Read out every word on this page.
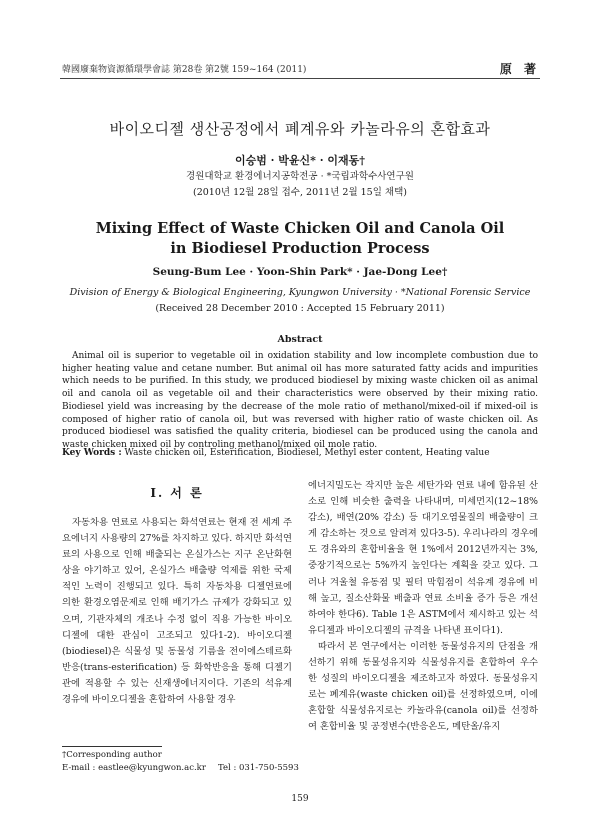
韓國廢棄物資源循環學會誌 第28卷 第2號 159~164 (2011)	原 著
바이오디젤 생산공정에서 폐계유와 카놀라유의 혼합효과
이승범 · 박윤신* · 이재동†
경원대학교 환경에너지공학전공 · *국립과학수사연구원
(2010년 12월 28일 접수, 2011년 2월 15일 채택)
Mixing Effect of Waste Chicken Oil and Canola Oil
in Biodiesel Production Process
Seung-Bum Lee · Yoon-Shin Park* · Jae-Dong Lee†
Division of Energy & Biological Engineering, Kyungwon University · *National Forensic Service
(Received 28 December 2010 : Accepted 15 February 2011)
Abstract
Animal oil is superior to vegetable oil in oxidation stability and low incomplete combustion due to higher heating value and cetane number. But animal oil has more saturated fatty acids and impurities which needs to be purified. In this study, we produced biodiesel by mixing waste chicken oil as animal oil and canola oil as vegetable oil and their characteristics were observed by their mixing ratio. Biodiesel yield was increasing by the decrease of the mole ratio of methanol/mixed-oil if mixed-oil is composed of higher ratio of canola oil, but was reversed with higher ratio of waste chicken oil. As produced biodiesel was satisfied the quality criteria, biodiesel can be produced using the canola and waste chicken mixed oil by controling methanol/mixed oil mole ratio.
Key Words : Waste chicken oil, Esterification, Biodiesel, Methyl ester content, Heating value
I. 서 론

자동차용 연료로 사용되는 화석연료는 현재 전 세계 주요에너지 사용량의 27%를 차지하고 있다. 하지만 화석연료의 사용으로 인해 배출되는 온실가스는 지구 온난화현상을 야기하고 있어, 온실가스 배출량 억제를 위한 국제적인 노력이 진행되고 있다. 특히 자동차용 디젤연료에 의한 환경오염문제로 인해 배기가스 규제가 강화되고 있으며, 기관자체의 개조나 수정 없이 직용 가능한 바이오디젤에 대한 관심이 고조되고 있다1-2). 바이오디젤(biodiesel)은 식물성 및 동물성 기름을 전이에스테르화 반응(trans-esterification) 등 화학반응을 통해 디젤기관에 적용할 수 있는 신재생에너지이다. 기존의 석유계 경유에 바이오디젤을 혼합하여 사용할 경우

에너지밀도는 작지만 높은 세탄가와 연료 내에 함유된 산소로 인해 비슷한 출력을 나타내며, 미세먼지(12~18% 감소), 배연(20% 감소) 등 대기오염물질의 배출량이 크게 감소하는 것으로 알려져 있다3-5). 우리나라의 경우에도 경유와의 혼합비율을 현 1%에서 2012년까지는 3%, 중장기적으로는 5%까지 높인다는 계획을 갖고 있다. 그러나 겨울철 유동점 및 필터 막힘점이 석유계 경유에 비해 높고, 질소산화물 배출과 연료 소비율 증가 등은 개선하여야 한다6). Table 1은 ASTM에서 제시하고 있는 석유디젤과 바이오디젤의 규격을 나타낸 표이다1).

따라서 본 연구에서는 이러한 동물성유지의 단점을 개선하기 위해 동물성유지와 식물성유지를 혼합하여 우수한 성질의 바이오디젤을 제조하고자 하였다. 동물성유지로는 폐계유(waste chicken oil)를 선정하였으며, 이에 혼합할 식물성유지로는 카놀라유(canola oil)를 선정하여 혼합비율 및 공정변수(반응온도, 메탄올/유지

†Corresponding author
E-mail : eastlee@kyungwon.ac.kr Tel : 031-750-5593
159
